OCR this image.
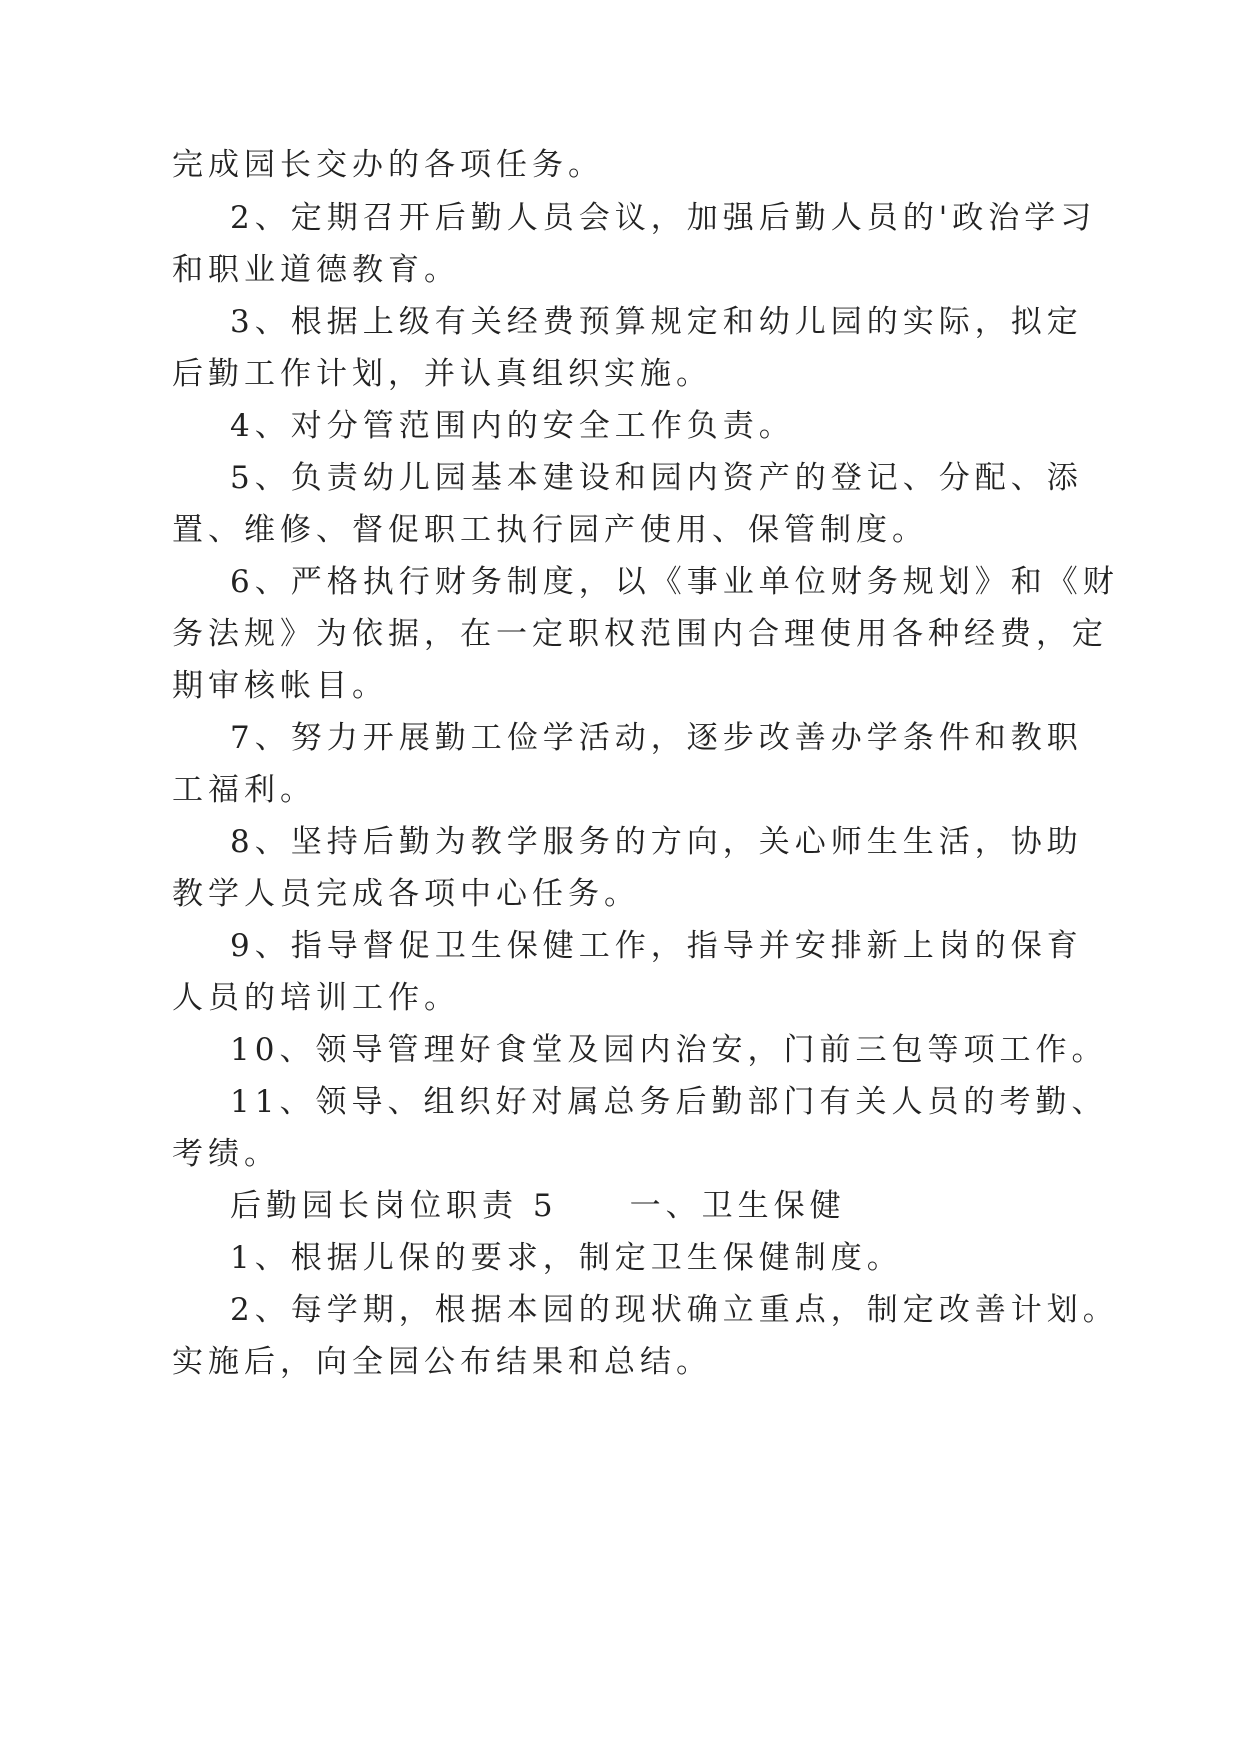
完成园长交办的各项任务。

2、定期召开后勤人员会议，加强后勤人员的'政治学习

和职业道德教育。

3、根据上级有关经费预算规定和幼儿园的实际，拟定

后勤工作计划，并认真组织实施。

4、对分管范围内的安全工作负责。

5、负责幼儿园基本建设和园内资产的登记、分配、添

置、维修、督促职工执行园产使用、保管制度。

6、严格执行财务制度，以《事业单位财务规划》和《财

务法规》为依据，在一定职权范围内合理使用各种经费，定

期审核帐目。

7、努力开展勤工俭学活动，逐步改善办学条件和教职

工福利。

8、坚持后勤为教学服务的方向，关心师生生活，协助

教学人员完成各项中心任务。

9、指导督促卫生保健工作，指导并安排新上岗的保育

人员的培训工作。

10、领导管理好食堂及园内治安，门前三包等项工作。

11、领导、组织好对属总务后勤部门有关人员的考勤、

考绩。

后勤园长岗位职责 5　　一、卫生保健

1、根据儿保的要求，制定卫生保健制度。

2、每学期，根据本园的现状确立重点，制定改善计划。

实施后，向全园公布结果和总结。
